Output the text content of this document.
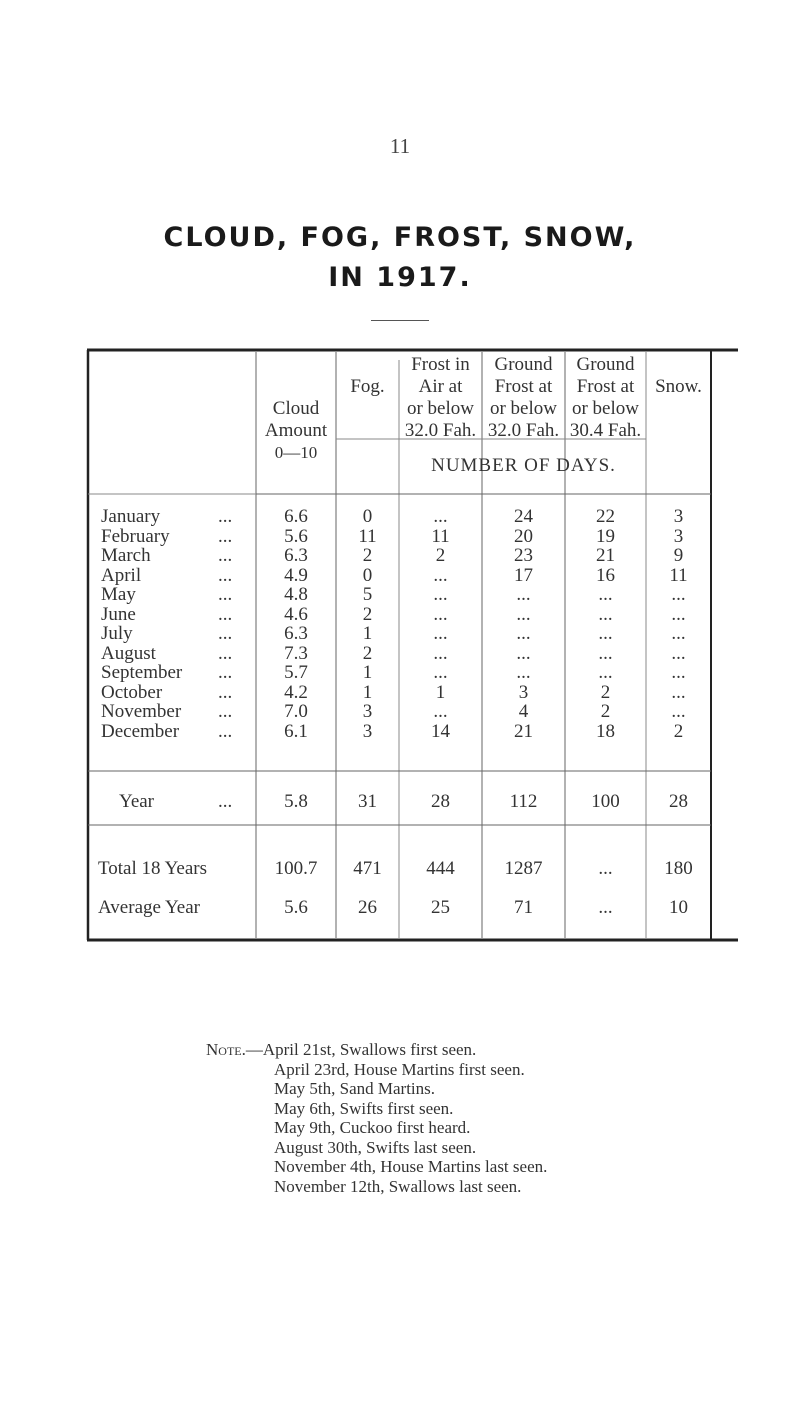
11
CLOUD, FOG, FROST, SNOW,
IN 1917.
Cloud
Amount
0—10
Fog.
Frost in
Air at
or below
32.0 Fah.
Ground
Frost at
or below
32.0 Fah.
Ground
Frost at
or below
30.4 Fah.
Snow.
NUMBER OF DAYS.
January	...	6.6	0	...	24	22	3
February	...	5.6	11	11	20	19	3
March	...	6.3	2	2	23	21	9
April	...	4.9	0	...	17	16	11
May	...	4.8	5	...	...	...	...
June	...	4.6	2	...	...	...	...
July	...	6.3	1	...	...	...	...
August	...	7.3	2	...	...	...	...
September	...	5.7	1	...	...	...	...
October	...	4.2	1	1	3	2	...
November	...	7.0	3	...	4	2	...
December	...	6.1	3	14	21	18	2
Year	...	5.8	31	28	112	100	28
Total 18 Years	100.7	471	444	1287	...	180
Average Year	5.6	26	25	71	...	10
Note.—April 21st, Swallows first seen.
April 23rd, House Martins first seen.
May 5th, Sand Martins.
May 6th, Swifts first seen.
May 9th, Cuckoo first heard.
August 30th, Swifts last seen.
November 4th, House Martins last seen.
November 12th, Swallows last seen.
